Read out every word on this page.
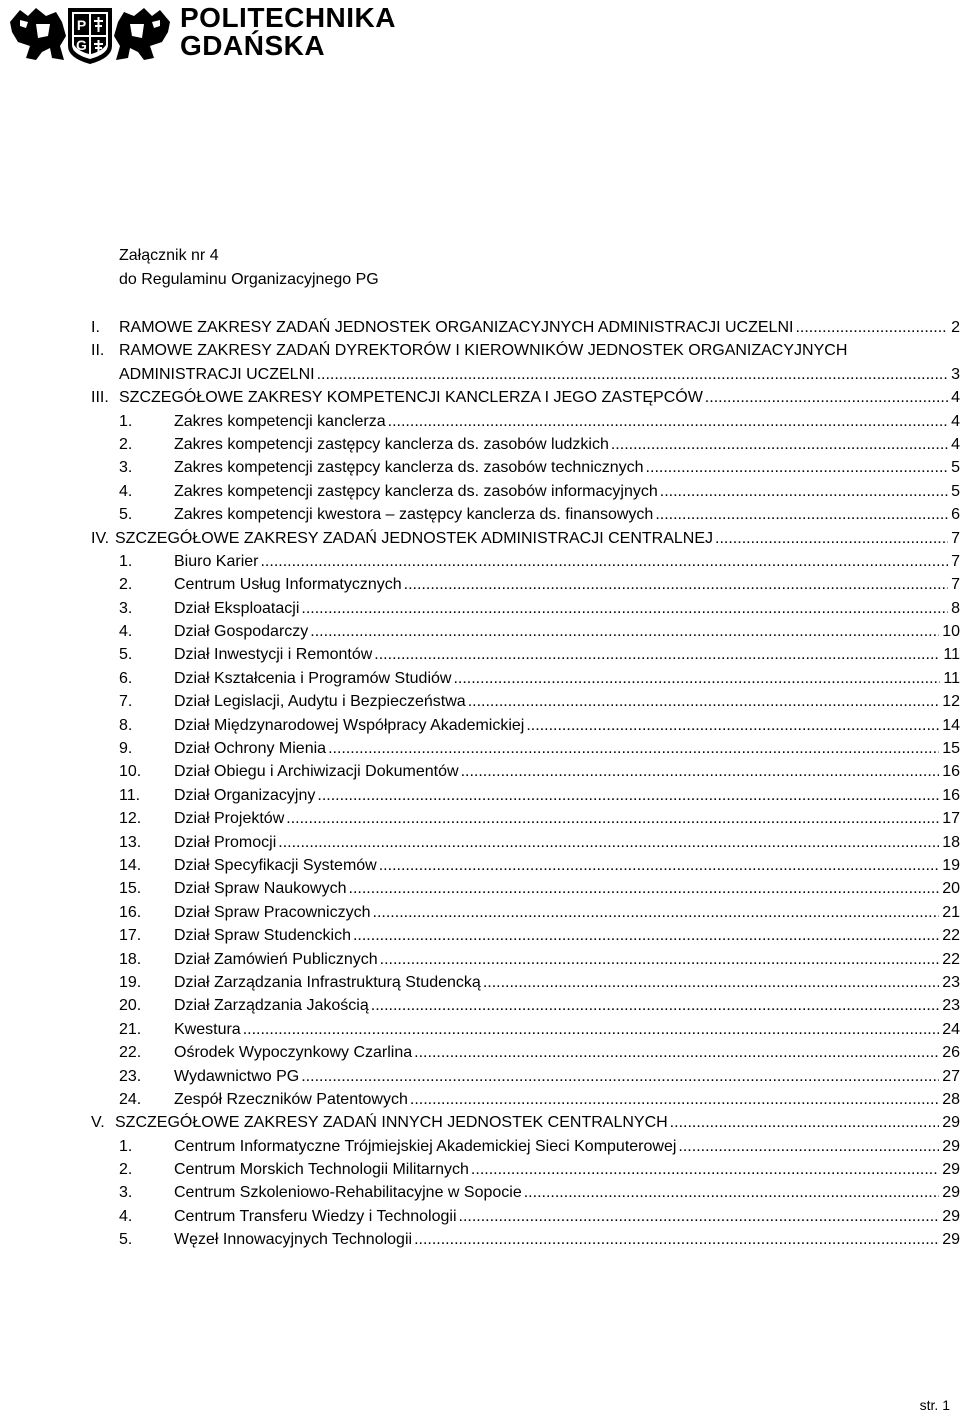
P
G
POLITECHNIKA
GDAŃSKA
Załącznik nr 4
do Regulaminu Organizacyjnego PG
I. RAMOWE ZAKRESY ZADAŃ JEDNOSTEK ORGANIZACYJNYCH ADMINISTRACJI UCZELNI .....	2
II. RAMOWE ZAKRESY ZADAŃ DYREKTORÓW I KIEROWNIKÓW JEDNOSTEK ORGANIZACYJNYCH
ADMINISTRACJI UCZELNI .....	3
III. SZCZEGÓŁOWE ZAKRESY KOMPETENCJI KANCLERZA I JEGO ZASTĘPCÓW .....	4
1.	Zakres kompetencji kanclerza .....	4
2.	Zakres kompetencji zastępcy kanclerza ds. zasobów ludzkich .....	4
3.	Zakres kompetencji zastępcy kanclerza ds. zasobów technicznych .....	5
4.	Zakres kompetencji zastępcy kanclerza ds. zasobów informacyjnych .....	5
5.	Zakres kompetencji kwestora – zastępcy kanclerza ds. finansowych .....	6
IV. SZCZEGÓŁOWE ZAKRESY ZADAŃ JEDNOSTEK ADMINISTRACJI CENTRALNEJ .....	7
1.	Biuro Karier .....	7
2.	Centrum Usług Informatycznych .....	7
3.	Dział Eksploatacji .....	8
4.	Dział Gospodarczy .....	10
5.	Dział Inwestycji i Remontów .....	11
6.	Dział Kształcenia i Programów Studiów .....	11
7.	Dział Legislacji, Audytu i Bezpieczeństwa .....	12
8.	Dział Międzynarodowej Współpracy Akademickiej .....	14
9.	Dział Ochrony Mienia .....	15
10. Dział Obiegu i Archiwizacji Dokumentów .....	16
11. Dział Organizacyjny .....	16
12. Dział Projektów .....	17
13. Dział Promocji .....	18
14. Dział Specyfikacji Systemów .....	19
15. Dział Spraw Naukowych .....	20
16. Dział Spraw Pracowniczych .....	21
17. Dział Spraw Studenckich .....	22
18. Dział Zamówień Publicznych .....	22
19. Dział Zarządzania Infrastrukturą Studencką .....	23
20. Dział Zarządzania Jakością .....	23
21. Kwestura .....	24
22. Ośrodek Wypoczynkowy Czarlina .....	26
23. Wydawnictwo PG .....	27
24. Zespół Rzeczników Patentowych .....	28
V. SZCZEGÓŁOWE ZAKRESY ZADAŃ INNYCH JEDNOSTEK CENTRALNYCH .....	29
1.	Centrum Informatyczne Trójmiejskiej Akademickiej Sieci Komputerowej .....	29
2.	Centrum Morskich Technologii Militarnych .....	29
3.	Centrum Szkoleniowo-Rehabilitacyjne w Sopocie .....	29
4.	Centrum Transferu Wiedzy i Technologii .....	29
5.	Węzeł Innowacyjnych Technologii .....	29
str. 1
